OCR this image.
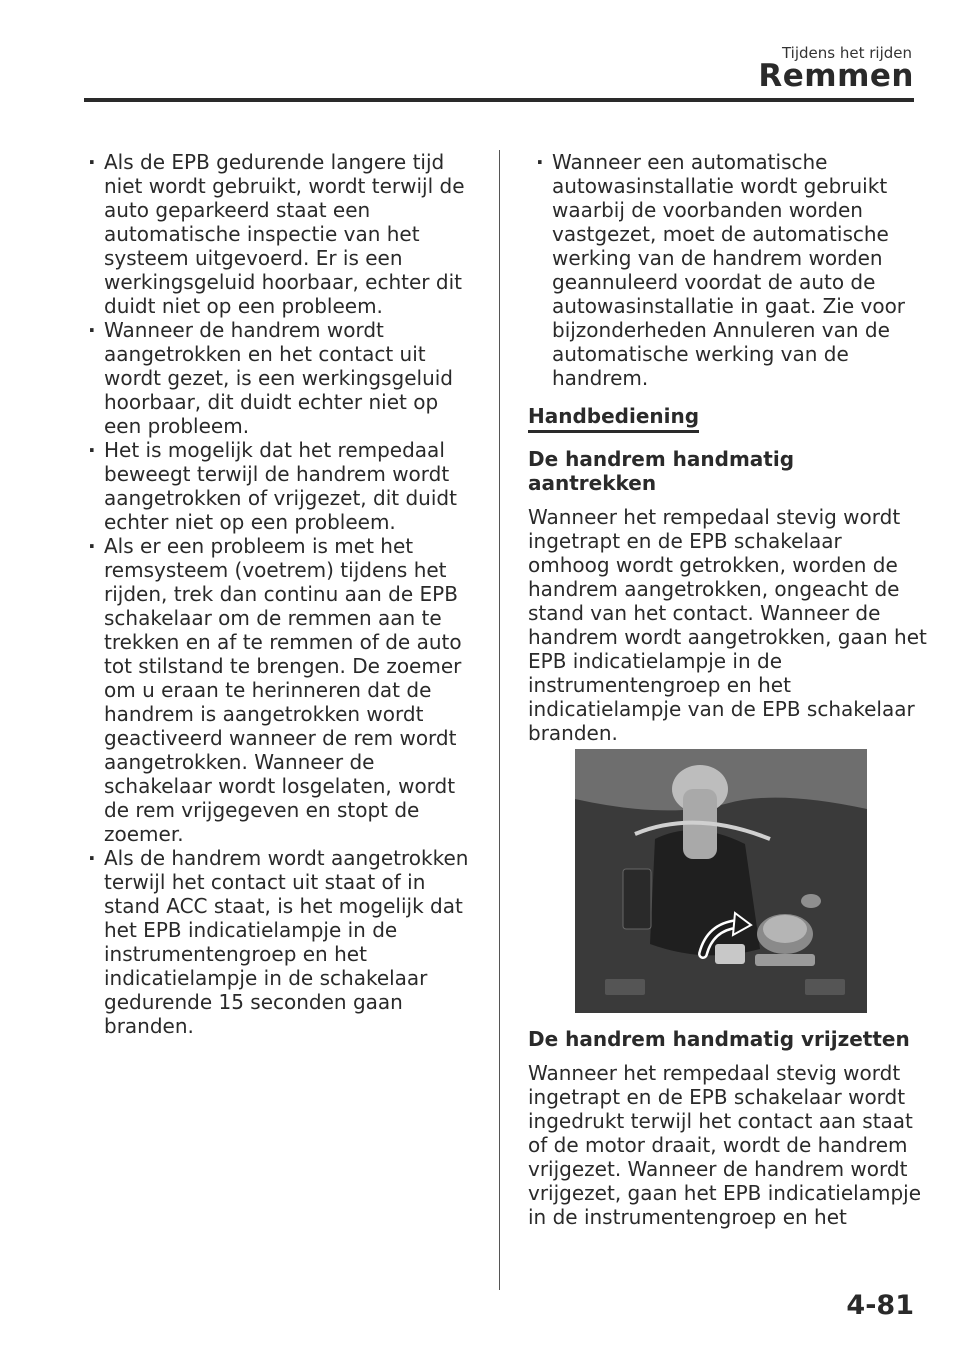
Tijdens het rijden
Remmen
· Als de EPB gedurende langere tijd niet wordt gebruikt, wordt terwijl de auto geparkeerd staat een automatische inspectie van het systeem uitgevoerd. Er is een werkingsgeluid hoorbaar, echter dit duidt niet op een probleem.
· Wanneer de handrem wordt aangetrokken en het contact uit wordt gezet, is een werkingsgeluid hoorbaar, dit duidt echter niet op een probleem.
· Het is mogelijk dat het rempedaal beweegt terwijl de handrem wordt aangetrokken of vrijgezet, dit duidt echter niet op een probleem.
· Als er een probleem is met het remsysteem (voetrem) tijdens het rijden, trek dan continu aan de EPB schakelaar om de remmen aan te trekken en af te remmen of de auto tot stilstand te brengen. De zoemer om u eraan te herinneren dat de handrem is aangetrokken wordt geactiveerd wanneer de rem wordt aangetrokken. Wanneer de schakelaar wordt losgelaten, wordt de rem vrijgegeven en stopt de zoemer.
· Als de handrem wordt aangetrokken terwijl het contact uit staat of in stand ACC staat, is het mogelijk dat het EPB indicatielampje in de instrumentengroep en het indicatielampje in de schakelaar gedurende 15 seconden gaan branden.
· Wanneer een automatische autowasinstallatie wordt gebruikt waarbij de voorbanden worden vastgezet, moet de automatische werking van de handrem worden geannuleerd voordat de auto de autowasinstallatie in gaat. Zie voor bijzonderheden Annuleren van de automatische werking van de handrem.
Handbediening
De handrem handmatig aantrekken
Wanneer het rempedaal stevig wordt ingetrapt en de EPB schakelaar omhoog wordt getrokken, worden de handrem aangetrokken, ongeacht de stand van het contact. Wanneer de handrem wordt aangetrokken, gaan het EPB indicatielampje in de instrumentengroep en het indicatielampje van de EPB schakelaar branden.
De handrem handmatig vrijzetten
Wanneer het rempedaal stevig wordt ingetrapt en de EPB schakelaar wordt ingedrukt terwijl het contact aan staat of de motor draait, wordt de handrem vrijgezet. Wanneer de handrem wordt vrijgezet, gaan het EPB indicatielampje in de instrumentengroep en het
4-81
